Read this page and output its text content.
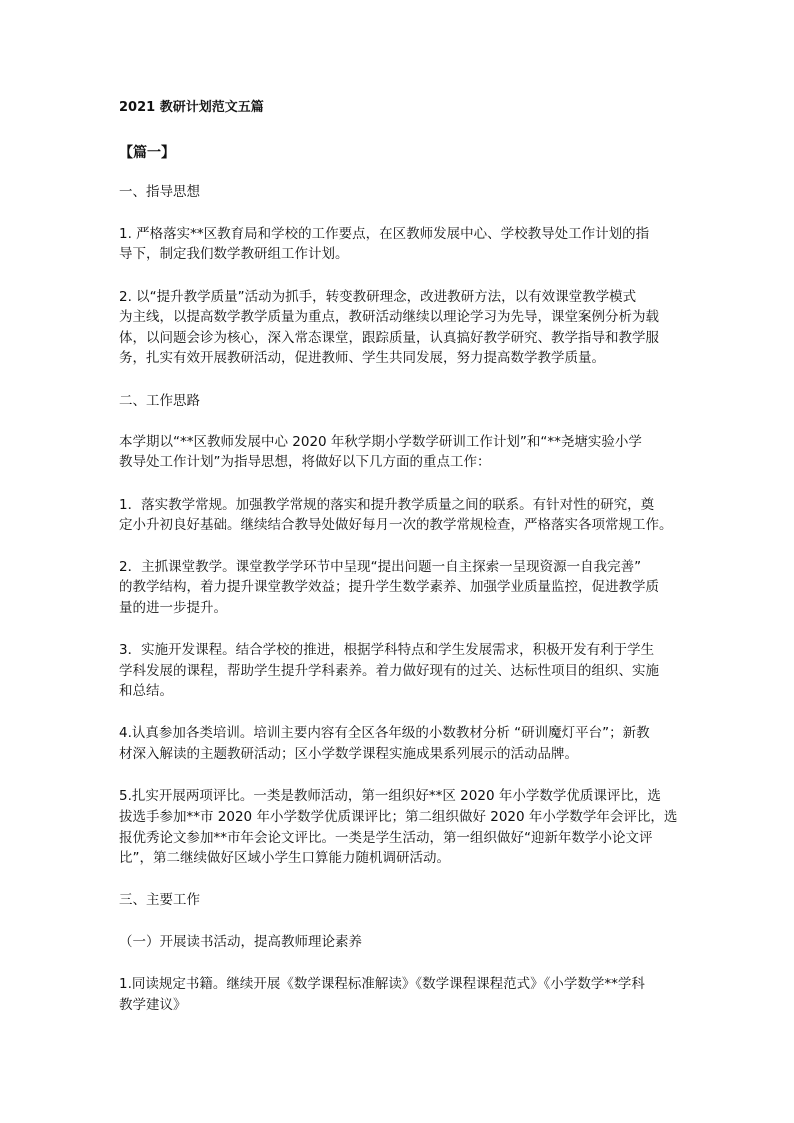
2021 教研计划范文五篇
【篇一】
一、指导思想
1. 严格落实**区教育局和学校的工作要点，在区教师发展中心、学校教导处工作计划的指
导下，制定我们数学教研组工作计划。
2. 以“提升教学质量”活动为抓手，转变教研理念，改进教研方法，以有效课堂教学模式
为主线，以提高数学教学质量为重点，教研活动继续以理论学习为先导，课堂案例分析为载
体，以问题会诊为核心，深入常态课堂，跟踪质量，认真搞好教学研究、教学指导和教学服
务，扎实有效开展教研活动，促进教师、学生共同发展，努力提高数学教学质量。
二、工作思路
本学期以“**区教师发展中心 2020 年秋学期小学数学研训工作计划”和“**尧塘实验小学
教导处工作计划”为指导思想，将做好以下几方面的重点工作：
1．落实教学常规。加强教学常规的落实和提升教学质量之间的联系。有针对性的研究，奠
定小升初良好基础。继续结合教导处做好每月一次的教学常规检查，严格落实各项常规工作。
2．主抓课堂教学。课堂教学学环节中呈现“提出问题一自主探索一呈现资源一自我完善”
的教学结构，着力提升课堂教学效益；提升学生数学素养、加强学业质量监控，促进教学质
量的进一步提升。
3．实施开发课程。结合学校的推进，根据学科特点和学生发展需求，积极开发有利于学生
学科发展的课程，帮助学生提升学科素养。着力做好现有的过关、达标性项目的组织、实施
和总结。
4.认真参加各类培训。培训主要内容有全区各年级的小数教材分析 “研训魔灯平台”；新教
材深入解读的主题教研活动；区小学数学课程实施成果系列展示的活动品牌。
5.扎实开展两项评比。一类是教师活动，第一组织好**区 2020 年小学数学优质课评比，选
拔选手参加**市 2020 年小学数学优质课评比；第二组织做好 2020 年小学数学年会评比，选
报优秀论文参加**市年会论文评比。一类是学生活动，第一组织做好“迎新年数学小论文评
比”，第二继续做好区域小学生口算能力随机调研活动。
三、主要工作
（一）开展读书活动，提高教师理论素养
1.同读规定书籍。继续开展《数学课程标准解读》《数学课程课程范式》《小学数学**学科
教学建议》
